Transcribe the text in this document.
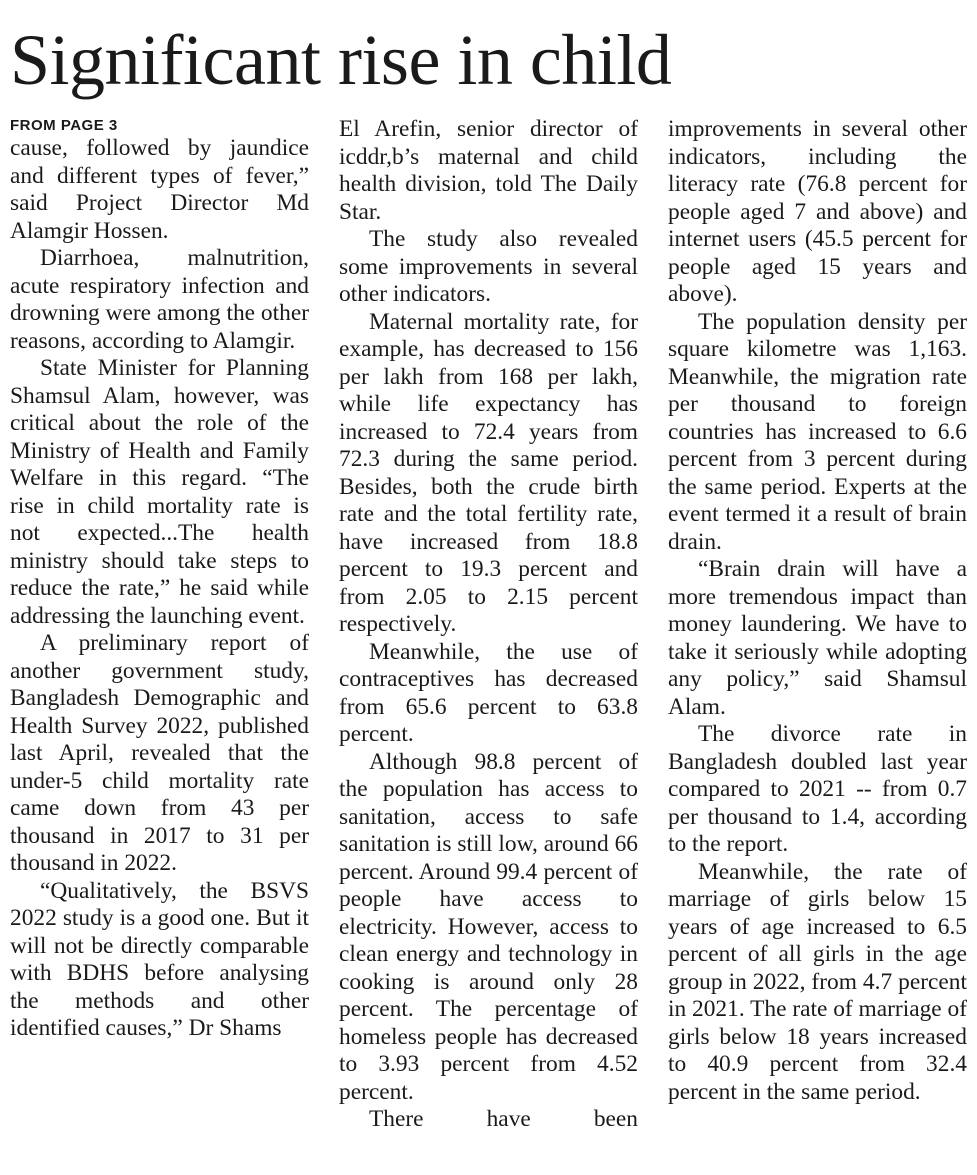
Significant rise in child
FROM PAGE 3

cause, followed by jaundice and different types of fever,” said Project Director Md Alamgir Hossen.

Diarrhoea, malnutrition, acute respiratory infection and drowning were among the other reasons, according to Alamgir.

State Minister for Planning Shamsul Alam, however, was critical about the role of the Ministry of Health and Family Welfare in this regard. “The rise in child mortality rate is not expected...The health ministry should take steps to reduce the rate,” he said while addressing the launching event.

A preliminary report of another government study, Bangladesh Demographic and Health Survey 2022, published last April, revealed that the under-5 child mortality rate came down from 43 per thousand in 2017 to 31 per thousand in 2022.

“Qualitatively, the BSVS 2022 study is a good one. But it will not be directly comparable with BDHS before analysing the methods and other identified causes,” Dr Shams

El Arefin, senior director of icddr,b’s maternal and child health division, told The Daily Star.

The study also revealed some improvements in several other indicators.

Maternal mortality rate, for example, has decreased to 156 per lakh from 168 per lakh, while life expectancy has increased to 72.4 years from 72.3 during the same period. Besides, both the crude birth rate and the total fertility rate, have increased from 18.8 percent to 19.3 percent and from 2.05 to 2.15 percent respectively.

Meanwhile, the use of contraceptives has decreased from 65.6 percent to 63.8 percent.

Although 98.8 percent of the population has access to sanitation, access to safe sanitation is still low, around 66 percent. Around 99.4 percent of people have access to electricity. However, access to clean energy and technology in cooking is around only 28 percent. The percentage of homeless people has decreased to 3.93 percent from 4.52 percent.

There have been

improvements in several other indicators, including the literacy rate (76.8 percent for people aged 7 and above) and internet users (45.5 percent for people aged 15 years and above).

The population density per square kilometre was 1,163. Meanwhile, the migration rate per thousand to foreign countries has increased to 6.6 percent from 3 percent during the same period. Experts at the event termed it a result of brain drain.

“Brain drain will have a more tremendous impact than money laundering. We have to take it seriously while adopting any policy,” said Shamsul Alam.

The divorce rate in Bangladesh doubled last year compared to 2021 -- from 0.7 per thousand to 1.4, according to the report.

Meanwhile, the rate of marriage of girls below 15 years of age increased to 6.5 percent of all girls in the age group in 2022, from 4.7 percent in 2021. The rate of marriage of girls below 18 years increased to 40.9 percent from 32.4 percent in the same period.
